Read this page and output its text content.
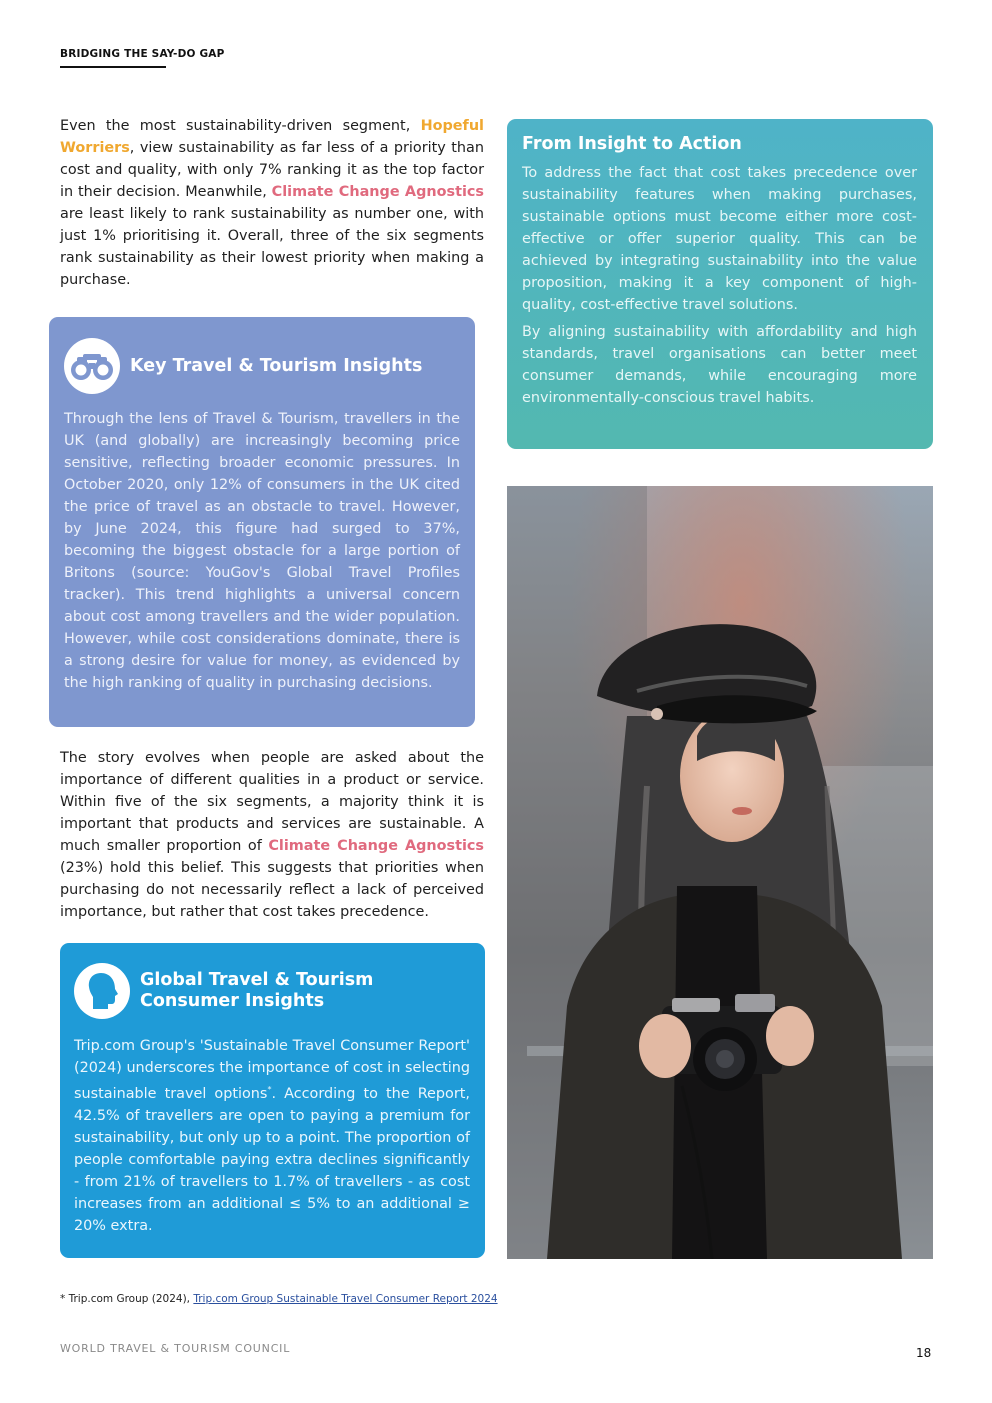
BRIDGING THE SAY-DO GAP
Even the most sustainability-driven segment, Hopeful Worriers, view sustainability as far less of a priority than cost and quality, with only 7% ranking it as the top factor in their decision. Meanwhile, Climate Change Agnostics are least likely to rank sustainability as number one, with just 1% prioritising it. Overall, three of the six segments rank sustainability as their lowest priority when making a purchase.
From Insight to Action

To address the fact that cost takes precedence over sustainability features when making purchases, sustainable options must become either more cost-effective or offer superior quality. This can be achieved by integrating sustainability into the value proposition, making it a key component of high-quality, cost-effective travel solutions.

By aligning sustainability with affordability and high standards, travel organisations can better meet consumer demands, while encouraging more environmentally-conscious travel habits.

Key Travel & Tourism Insights
Through the lens of Travel & Tourism, travellers in the UK (and globally) are increasingly becoming price sensitive, reflecting broader economic pressures. In October 2020, only 12% of consumers in the UK cited the price of travel as an obstacle to travel. However, by June 2024, this figure had surged to 37%, becoming the biggest obstacle for a large portion of Britons (source: YouGov's Global Travel Profiles tracker). This trend highlights a universal concern about cost among travellers and the wider population. However, while cost considerations dominate, there is a strong desire for value for money, as evidenced by the high ranking of quality in purchasing decisions.
The story evolves when people are asked about the importance of different qualities in a product or service. Within five of the six segments, a majority think it is important that products and services are sustainable. A much smaller proportion of Climate Change Agnostics (23%) hold this belief. This suggests that priorities when purchasing do not necessarily reflect a lack of perceived importance, but rather that cost takes precedence.
Global Travel & Tourism
Consumer Insights
Trip.com Group's 'Sustainable Travel Consumer Report' (2024) underscores the importance of cost in selecting sustainable travel options*. According to the Report, 42.5% of travellers are open to paying a premium for sustainability, but only up to a point. The proportion of people comfortable paying extra declines significantly - from 21% of travellers to 1.7% of travellers - as cost increases from an additional ≤ 5% to an additional ≥ 20% extra.
* Trip.com Group (2024), Trip.com Group Sustainable Travel Consumer Report 2024
WORLD TRAVEL & TOURISM COUNCIL	18
